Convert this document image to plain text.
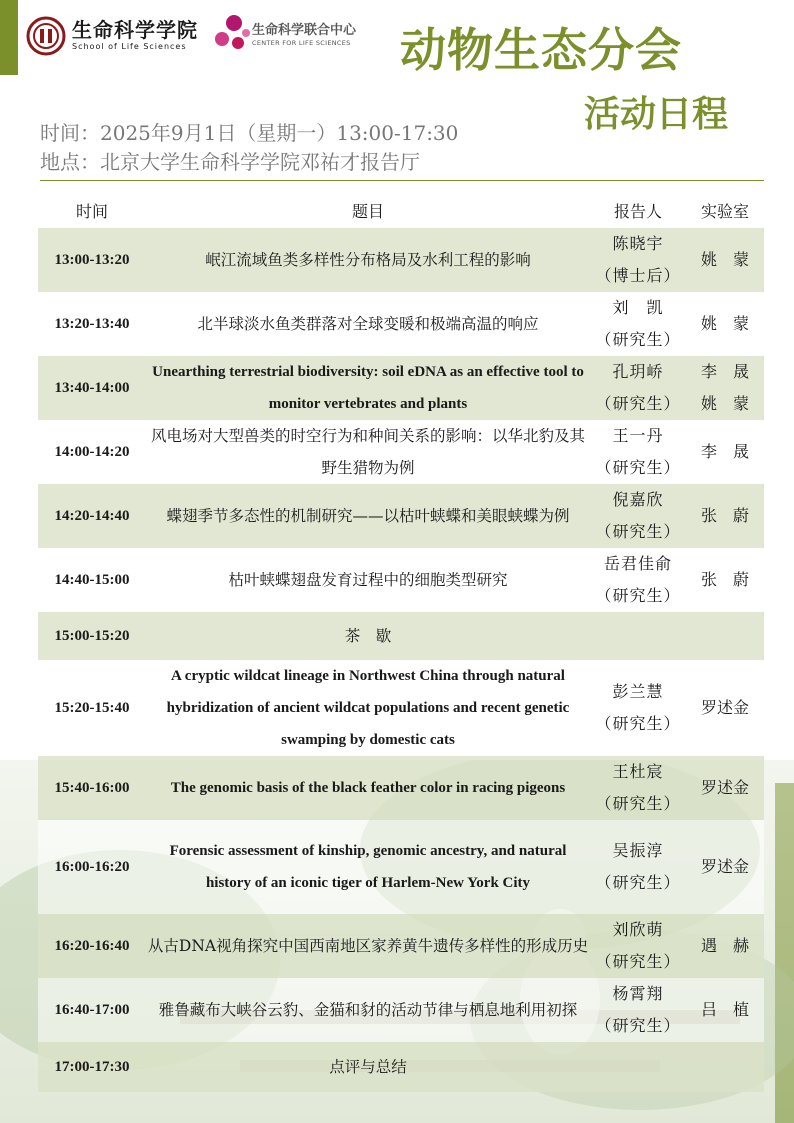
生命科学学院
School of Life Sciences
生命科学联合中心
CENTER FOR LIFE SCIENCES 动物生态分会
活动日程
时间：2025年9月1日（星期一）13:00-17:30
地点：北京大学生命科学学院邓祐才报告厅
时间	题目	报告人	实验室
13:00-13:20	岷江流域鱼类多样性分布格局及水利工程的影响	陈晓宇
（博士后）	姚　蒙
13:20-13:40	北半球淡水鱼类群落对全球变暖和极端高温的响应	刘　凯
（研究生）	姚　蒙
13:40-14:00	Unearthing terrestrial biodiversity: soil eDNA as an effective tool to monitor vertebrates and plants	孔玥峤
（研究生）	李　晟
姚　蒙
14:00-14:20	风电场对大型兽类的时空行为和种间关系的影响：以华北豹及其野生猎物为例	王一丹
（研究生）	李　晟
14:20-14:40	蝶翅季节多态性的机制研究——以枯叶蛱蝶和美眼蛱蝶为例	倪嘉欣
（研究生）	张　蔚
14:40-15:00	枯叶蛱蝶翅盘发育过程中的细胞类型研究	岳君佳俞
（研究生）	张　蔚
15:00-15:20	茶　歇		
15:20-15:40	A cryptic wildcat lineage in Northwest China through natural hybridization of ancient wildcat populations and recent genetic swamping by domestic cats	彭兰慧
（研究生）	罗述金
15:40-16:00	The genomic basis of the black feather color in racing pigeons	王杜宸
（研究生）	罗述金
16:00-16:20	Forensic assessment of kinship, genomic ancestry, and natural history of an iconic tiger of Harlem-New York City	吴振淳
（研究生）	罗述金
16:20-16:40	从古DNA视角探究中国西南地区家养黄牛遗传多样性的形成历史	刘欣萌
（研究生）	遇　赫
16:40-17:00	雅鲁藏布大峡谷云豹、金猫和豺的活动节律与栖息地利用初探	杨霄翔
（研究生）	吕　植
17:00-17:30	点评与总结		
